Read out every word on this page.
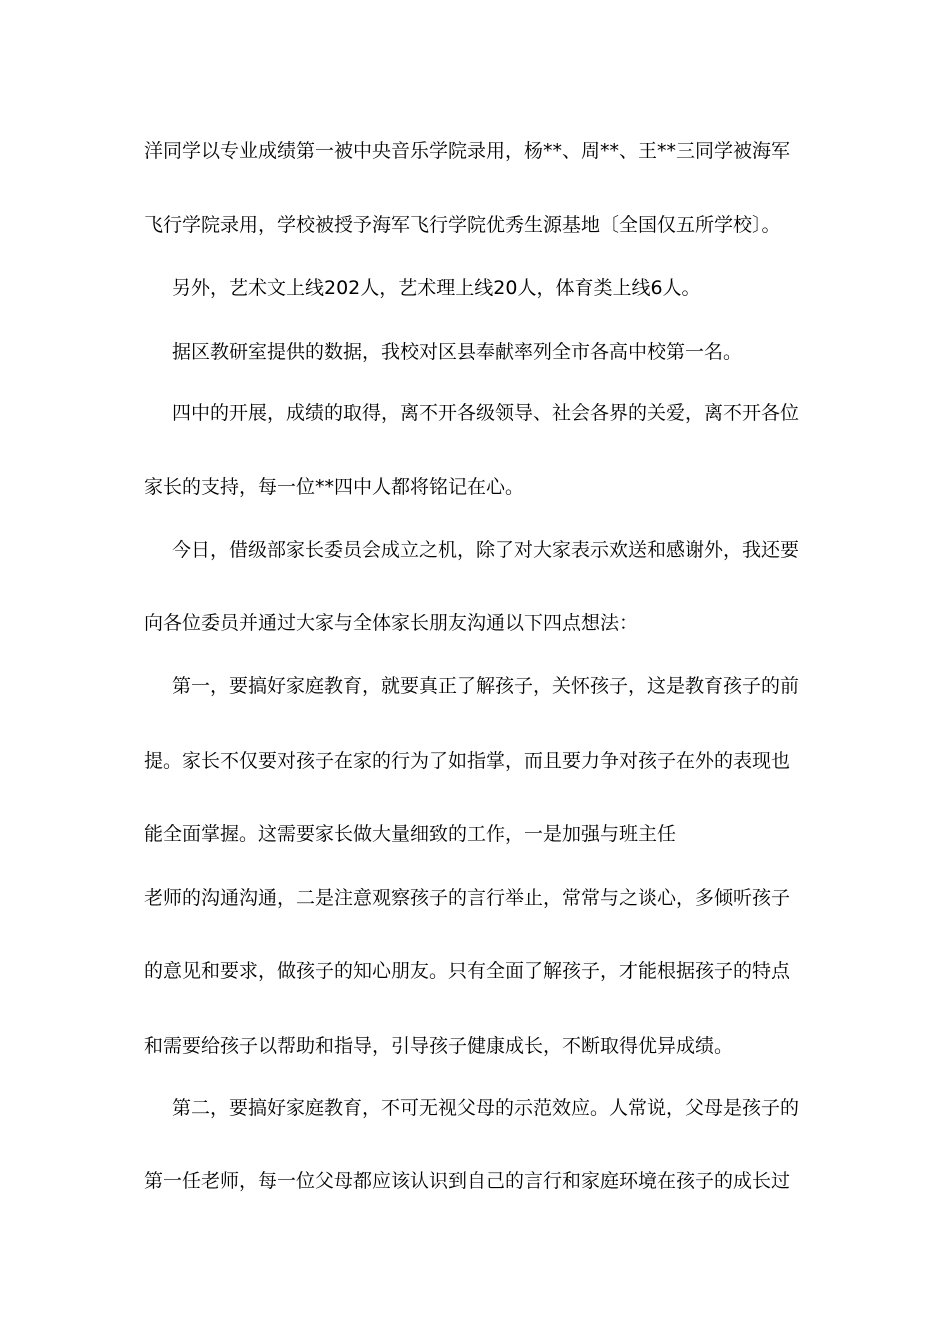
洋同学以专业成绩第一被中央音乐学院录用，杨**、周**、王**三同学被海军
飞行学院录用，学校被授予海军飞行学院优秀生源基地〔全国仅五所学校〕。
另外，艺术文上线202人，艺术理上线20人，体育类上线6人。
据区教研室提供的数据，我校对区县奉献率列全市各高中校第一名。
四中的开展，成绩的取得，离不开各级领导、社会各界的关爱，离不开各位
家长的支持，每一位**四中人都将铭记在心。
今日，借级部家长委员会成立之机，除了对大家表示欢送和感谢外，我还要
向各位委员并通过大家与全体家长朋友沟通以下四点想法：
第一，要搞好家庭教育，就要真正了解孩子，关怀孩子，这是教育孩子的前
提。家长不仅要对孩子在家的行为了如指掌，而且要力争对孩子在外的表现也
能全面掌握。这需要家长做大量细致的工作，一是加强与班主任
老师的沟通沟通，二是注意观察孩子的言行举止，常常与之谈心，多倾听孩子
的意见和要求，做孩子的知心朋友。只有全面了解孩子，才能根据孩子的特点
和需要给孩子以帮助和指导，引导孩子健康成长，不断取得优异成绩。
第二，要搞好家庭教育，不可无视父母的示范效应。人常说，父母是孩子的
第一任老师，每一位父母都应该认识到自己的言行和家庭环境在孩子的成长过
